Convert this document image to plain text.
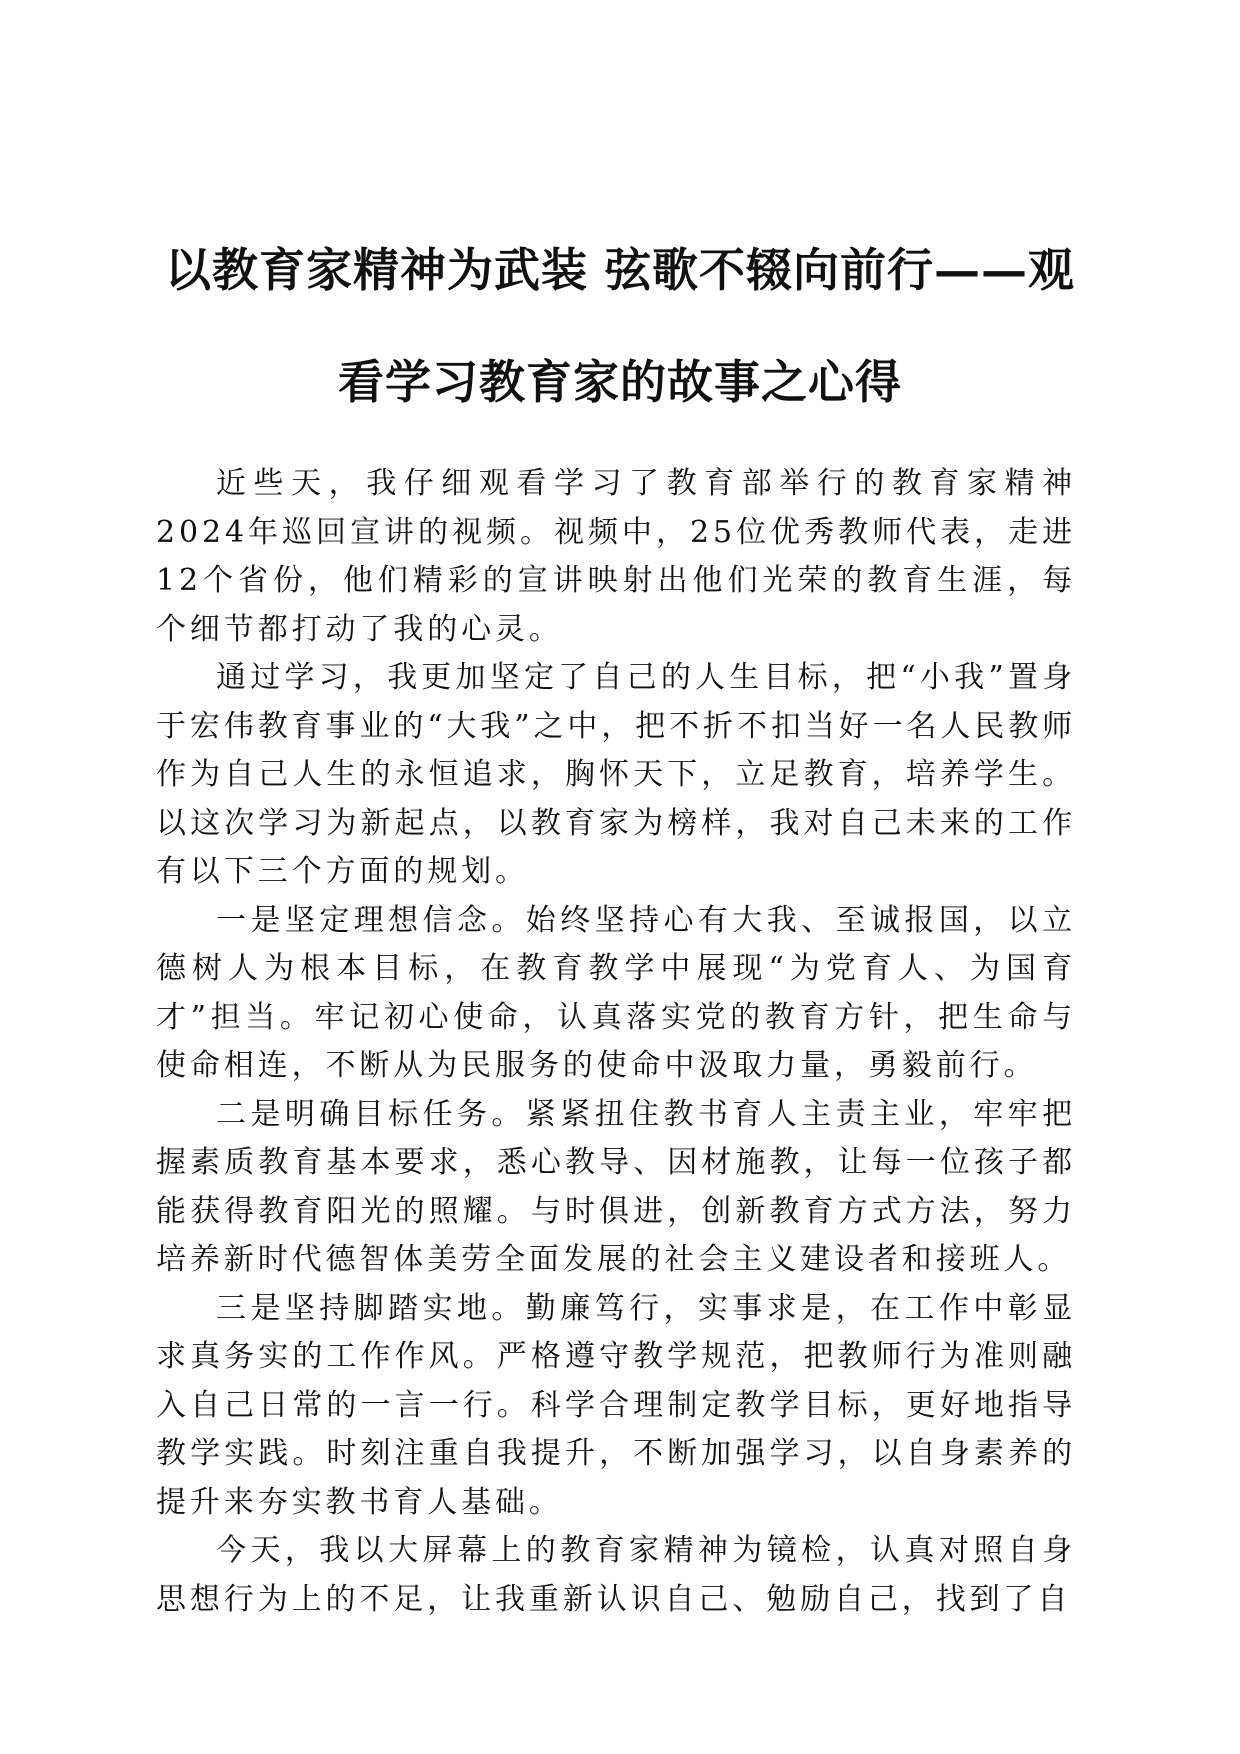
以教育家精神为武装 弦歌不辍向前行——观
看学习教育家的故事之心得

近些天，我仔细观看学习了教育部举行的教育家精神2024年巡回宣讲的视频。视频中，25位优秀教师代表，走进12个省份，他们精彩的宣讲映射出他们光荣的教育生涯，每个细节都打动了我的心灵。

通过学习，我更加坚定了自己的人生目标，把“小我”置身于宏伟教育事业的“大我”之中，把不折不扣当好一名人民教师作为自己人生的永恒追求，胸怀天下，立足教育，培养学生。以这次学习为新起点，以教育家为榜样，我对自己未来的工作有以下三个方面的规划。

一是坚定理想信念。始终坚持心有大我、至诚报国，以立德树人为根本目标，在教育教学中展现“为党育人、为国育才”担当。牢记初心使命，认真落实党的教育方针，把生命与使命相连，不断从为民服务的使命中汲取力量，勇毅前行。

二是明确目标任务。紧紧扭住教书育人主责主业，牢牢把握素质教育基本要求，悉心教导、因材施教，让每一位孩子都能获得教育阳光的照耀。与时俱进，创新教育方式方法，努力培养新时代德智体美劳全面发展的社会主义建设者和接班人。

三是坚持脚踏实地。勤廉笃行，实事求是，在工作中彰显求真务实的工作作风。严格遵守教学规范，把教师行为准则融入自己日常的一言一行。科学合理制定教学目标，更好地指导教学实践。时刻注重自我提升，不断加强学习，以自身素养的提升来夯实教书育人基础。

今天，我以大屏幕上的教育家精神为镜检，认真对照自身思想行为上的不足，让我重新认识自己、勉励自己，找到了自
